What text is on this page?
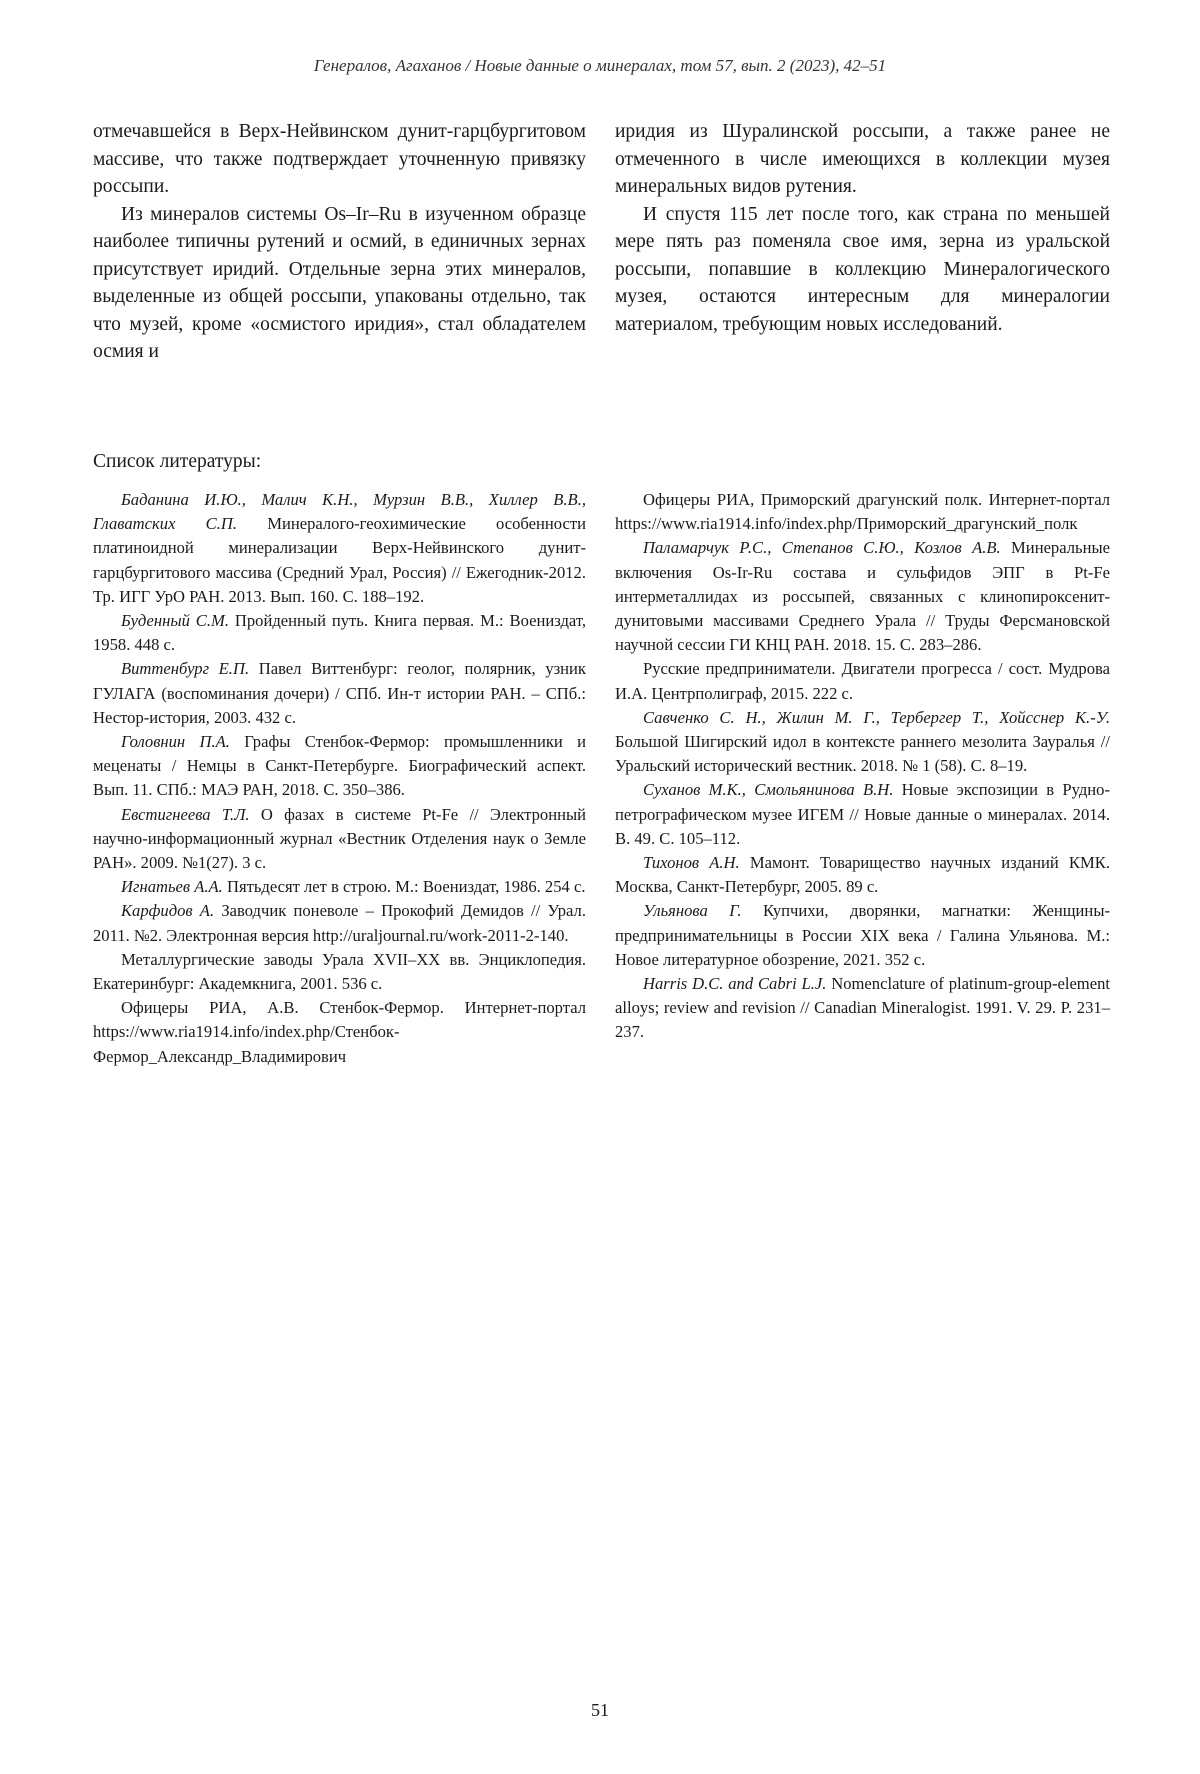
Генералов, Агаханов / Новые данные о минералах, том 57, вып. 2 (2023), 42–51

отмечавшейся в Верх-Нейвинском дунит-гарцбургитовом массиве, что также подтверждает уточненную привязку россыпи.

Из минералов системы Os–Ir–Ru в изученном образце наиболее типичны рутений и осмий, в единичных зернах присутствует иридий. Отдельные зерна этих минералов, выделенные из общей россыпи, упакованы отдельно, так что музей, кроме «осмистого иридия», стал обладателем осмия и

иридия из Шуралинской россыпи, а также ранее не отмеченного в числе имеющихся в коллекции музея минеральных видов рутения.

И спустя 115 лет после того, как страна по меньшей мере пять раз поменяла свое имя, зерна из уральской россыпи, попавшие в коллекцию Минералогического музея, остаются интересным для минералогии материалом, требующим новых исследований.

Список литературы:

Баданина И.Ю., Малич К.Н., Мурзин В.В., Хиллер В.В., Главатских С.П. Минералого-геохимические особенности платиноидной минерализации Верх-Нейвинского дунит-гарцбургитового массива (Средний Урал, Россия) // Ежегодник-2012. Тр. ИГГ УрО РАН. 2013. Вып. 160. С. 188–192.

Буденный С.М. Пройденный путь. Книга первая. М.: Воениздат, 1958. 448 с.

Виттенбург Е.П. Павел Виттенбург: геолог, полярник, узник ГУЛАГА (воспоминания дочери) / СПб. Ин-т истории РАН. – СПб.: Нестор-история, 2003. 432 с.

Головнин П.А. Графы Стенбок-Фермор: промышленники и меценаты / Немцы в Санкт-Петербурге. Биографический аспект. Вып. 11. СПб.: МАЭ РАН, 2018. С. 350–386.

Евстигнеева Т.Л. О фазах в системе Pt-Fe // Электронный научно-информационный журнал «Вестник Отделения наук о Земле РАН». 2009. №1(27). 3 с.

Игнатьев А.А. Пятьдесят лет в строю. М.: Воениздат, 1986. 254 с.

Карфидов А. Заводчик поневоле – Прокофий Демидов // Урал. 2011. №2. Электронная версия http://uraljournal.ru/work-2011-2-140.

Металлургические заводы Урала XVII–XX вв. Энциклопедия. Екатеринбург: Академкнига, 2001. 536 с.

Офицеры РИА, А.В. Стенбок-Фермор. Интернет-портал https://www.ria1914.info/index.php/Стенбок-Фермор_Александр_Владимирович

Офицеры РИА, Приморский драгунский полк. Интернет-портал https://www.ria1914.info/index.php/Приморский_драгунский_полк

Паламарчук Р.С., Степанов С.Ю., Козлов А.В. Минеральные включения Os-Ir-Ru состава и сульфидов ЭПГ в Pt-Fe интерметаллидах из россыпей, связанных с клинопироксенит-дунитовыми массивами Среднего Урала // Труды Ферсмановской научной сессии ГИ КНЦ РАН. 2018. 15. С. 283–286.

Русские предприниматели. Двигатели прогресса / сост. Мудрова И.А. Центрполиграф, 2015. 222 с.

Савченко С. Н., Жилин М. Г., Тербергер Т., Хойсснер К.-У. Большой Шигирский идол в контексте раннего мезолита Зауралья // Уральский исторический вестник. 2018. № 1 (58). С. 8–19.

Суханов М.К., Смольянинова В.Н. Новые экспозиции в Рудно-петрографическом музее ИГЕМ // Новые данные о минералах. 2014. В. 49. С. 105–112.

Тихонов А.Н. Мамонт. Товарищество научных изданий КМК. Москва, Санкт-Петербург, 2005. 89 с.

Ульянова Г. Купчихи, дворянки, магнатки: Женщины-предпринимательницы в России XIX века / Галина Ульянова. М.: Новое литературное обозрение, 2021. 352 с.

Harris D.C. and Cabri L.J. Nomenclature of platinum-group-element alloys; review and revision // Canadian Mineralogist. 1991. V. 29. P. 231–237.

51
